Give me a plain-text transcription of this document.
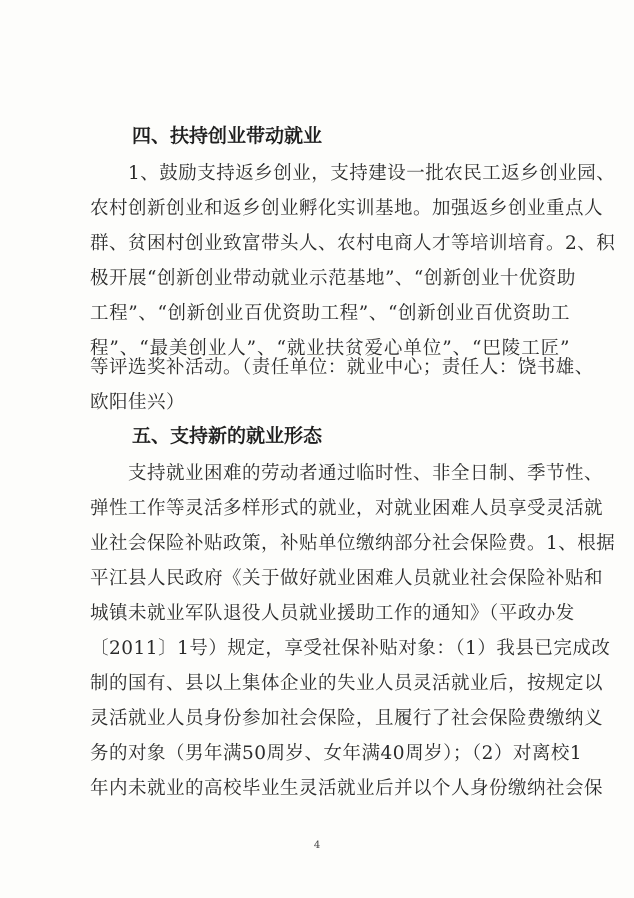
四、扶持创业带动就业
1、鼓励支持返乡创业，支持建设一批农民工返乡创业园、
农村创新创业和返乡创业孵化实训基地。加强返乡创业重点人
群、贫困村创业致富带头人、农村电商人才等培训培育。2、积
极开展“创新创业带动就业示范基地”、“创新创业十优资助
工程”、“创新创业百优资助工程”、“创新创业百优资助工
程”、“最美创业人”、“就业扶贫爱心单位”、“巴陵工匠”
等评选奖补活动。（责任单位：就业中心；责任人：饶书雄、
欧阳佳兴）
五、支持新的就业形态
支持就业困难的劳动者通过临时性、非全日制、季节性、
弹性工作等灵活多样形式的就业，对就业困难人员享受灵活就
业社会保险补贴政策，补贴单位缴纳部分社会保险费。1、根据
平江县人民政府《关于做好就业困难人员就业社会保险补贴和
城镇未就业军队退役人员就业援助工作的通知》（平政办发
〔2011〕1号）规定，享受社保补贴对象：（1）我县已完成改
制的国有、县以上集体企业的失业人员灵活就业后，按规定以
灵活就业人员身份参加社会保险，且履行了社会保险费缴纳义
务的对象（男年满50周岁、女年满40周岁）；（2）对离校1
年内未就业的高校毕业生灵活就业后并以个人身份缴纳社会保
4
